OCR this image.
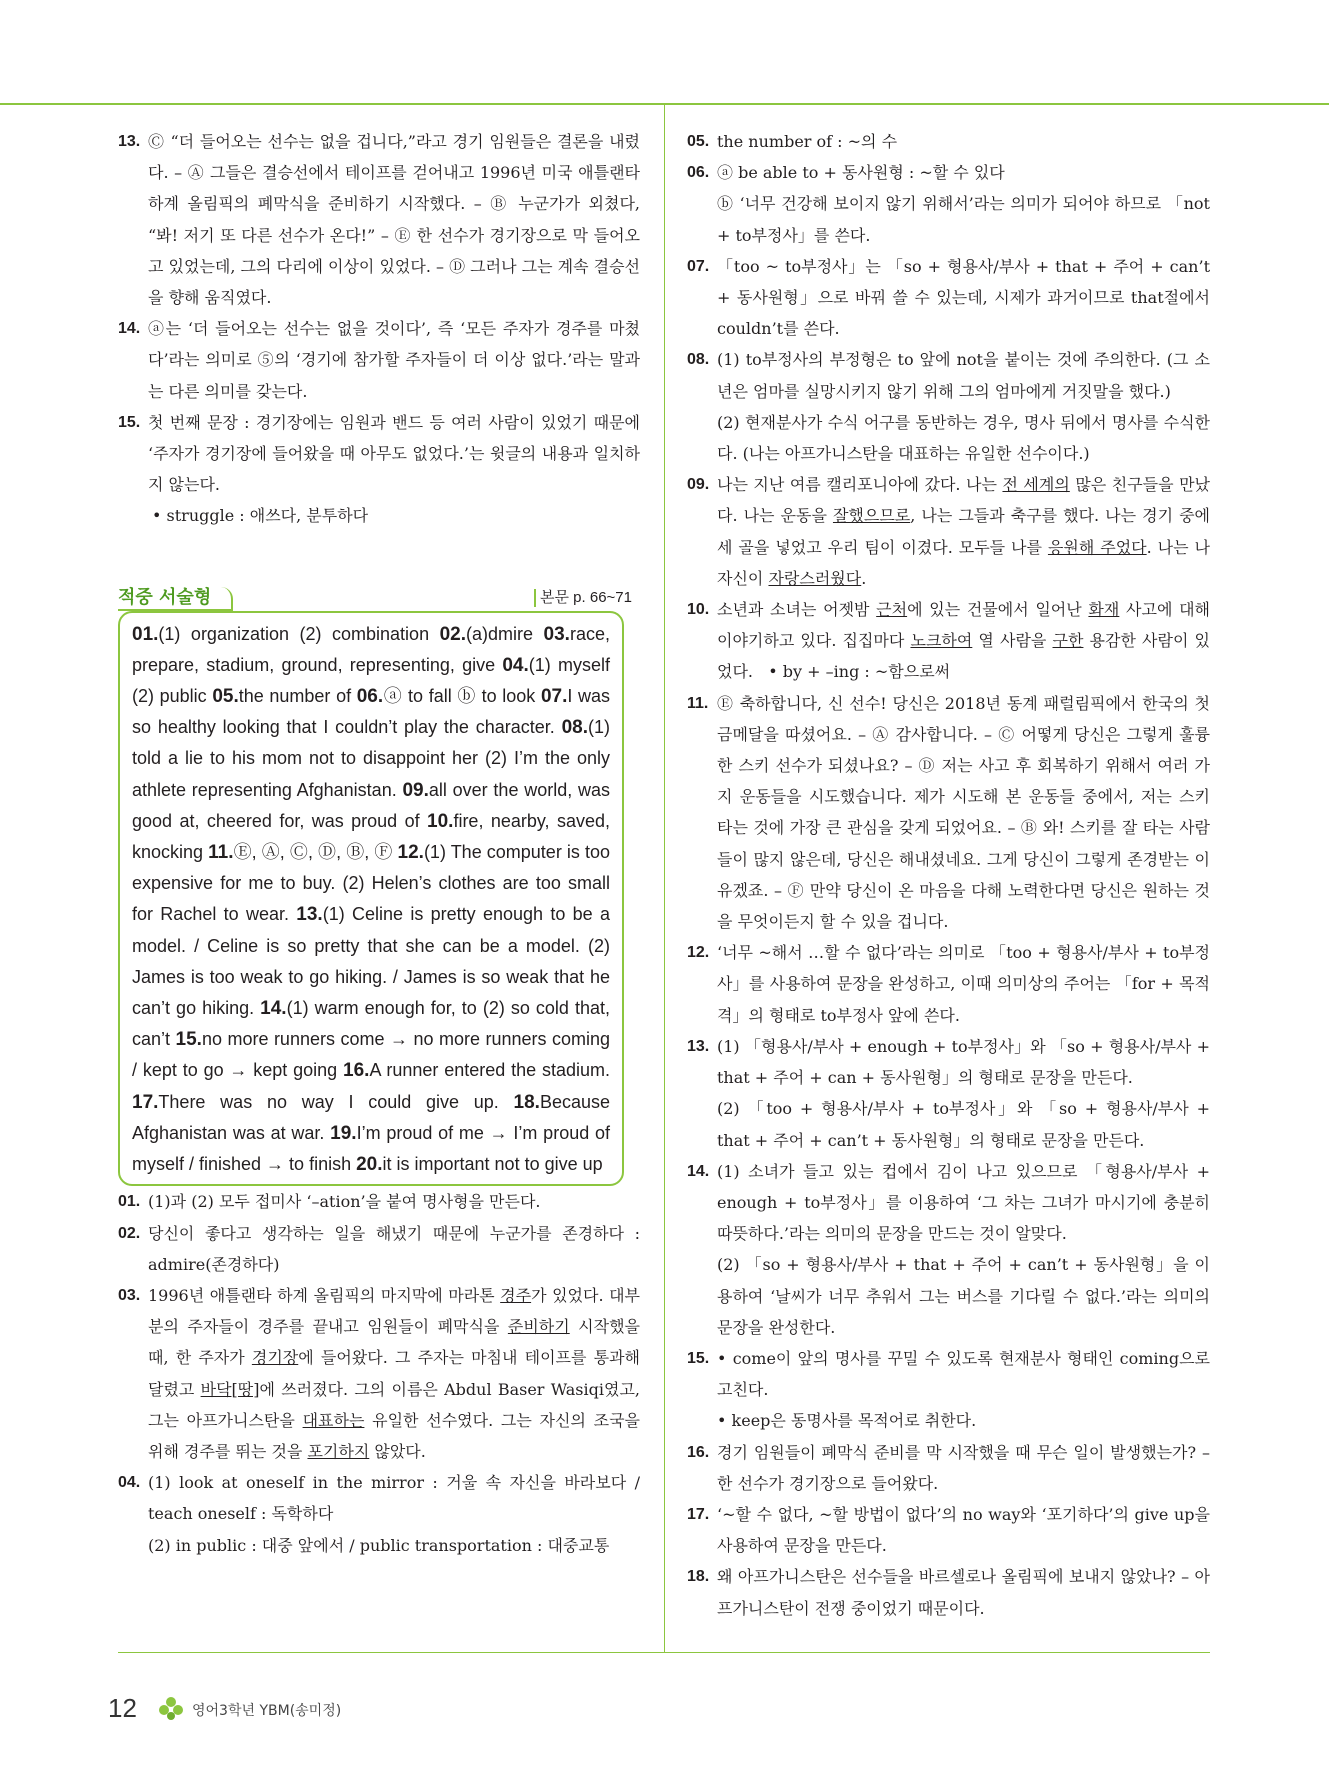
13. Ⓒ “더 들어오는 선수는 없을 겁니다,”라고 경기 임원들은 결론을 내렸다. – Ⓐ 그들은 결승선에서 테이프를 걷어내고 1996년 미국 애틀랜타 하계 올림픽의 폐막식을 준비하기 시작했다. – Ⓑ 누군가가 외쳤다, “봐! 저기 또 다른 선수가 온다!” – Ⓔ 한 선수가 경기장으로 막 들어오고 있었는데, 그의 다리에 이상이 있었다. – Ⓓ 그러나 그는 계속 결승선을 향해 움직였다.
14. ⓐ는 ‘더 들어오는 선수는 없을 것이다’, 즉 ‘모든 주자가 경주를 마쳤다’라는 의미로 ⑤의 ‘경기에 참가할 주자들이 더 이상 없다.’라는 말과는 다른 의미를 갖는다.
15. 첫 번째 문장 : 경기장에는 임원과 밴드 등 여러 사람이 있었기 때문에 ‘주자가 경기장에 들어왔을 때 아무도 없었다.’는 윗글의 내용과 일치하지 않는다.
• struggle : 애쓰다, 분투하다
적중 서술형	본문 p. 66~71
01.(1) organization (2) combination 02.(a)dmire 03.race, prepare, stadium, ground, representing, give 04.(1) myself (2) public 05.the number of 06.ⓐ to fall ⓑ to look 07.I was so healthy looking that I couldn’t play the character. 08.(1) told a lie to his mom not to disappoint her (2) I’m the only athlete representing Afghanistan. 09.all over the world, was good at, cheered for, was proud of 10.fire, nearby, saved, knocking 11.Ⓔ, Ⓐ, Ⓒ, Ⓓ, Ⓑ, Ⓕ 12.(1) The computer is too expensive for me to buy. (2) Helen’s clothes are too small for Rachel to wear. 13.(1) Celine is pretty enough to be a model. / Celine is so pretty that she can be a model. (2) James is too weak to go hiking. / James is so weak that he can’t go hiking. 14.(1) warm enough for, to (2) so cold that, can’t 15.no more runners come → no more runners coming / kept to go → kept going 16.A runner entered the stadium. 17.There was no way I could give up. 18.Because Afghanistan was at war. 19.I’m proud of me → I’m proud of myself / finished → to finish 20.it is important not to give up
01. (1)과 (2) 모두 접미사 ‘–ation’을 붙여 명사형을 만든다.
02. 당신이 좋다고 생각하는 일을 해냈기 때문에 누군가를 존경하다 : admire(존경하다)
03. 1996년 애틀랜타 하계 올림픽의 마지막에 마라톤 경주가 있었다. 대부분의 주자들이 경주를 끝내고 임원들이 폐막식을 준비하기 시작했을 때, 한 주자가 경기장에 들어왔다. 그 주자는 마침내 테이프를 통과해 달렸고 바닥[땅]에 쓰러졌다. 그의 이름은 Abdul Baser Wasiqi였고, 그는 아프가니스탄을 대표하는 유일한 선수였다. 그는 자신의 조국을 위해 경주를 뛰는 것을 포기하지 않았다.
04. (1) look at oneself in the mirror : 거울 속 자신을 바라보다 / teach oneself : 독학하다
(2) in public : 대중 앞에서 / public transportation : 대중교통
05. the number of : ~의 수
06. ⓐ be able to + 동사원형 : ~할 수 있다
ⓑ ‘너무 건강해 보이지 않기 위해서’라는 의미가 되어야 하므로 「not + to부정사」를 쓴다.
07. 「too ~ to부정사」는 「so + 형용사/부사 + that + 주어 + can’t + 동사원형」으로 바꿔 쓸 수 있는데, 시제가 과거이므로 that절에서 couldn’t를 쓴다.
08. (1) to부정사의 부정형은 to 앞에 not을 붙이는 것에 주의한다. (그 소년은 엄마를 실망시키지 않기 위해 그의 엄마에게 거짓말을 했다.)
(2) 현재분사가 수식 어구를 동반하는 경우, 명사 뒤에서 명사를 수식한다. (나는 아프가니스탄을 대표하는 유일한 선수이다.)
09. 나는 지난 여름 캘리포니아에 갔다. 나는 전 세계의 많은 친구들을 만났다. 나는 운동을 잘했으므로, 나는 그들과 축구를 했다. 나는 경기 중에 세 골을 넣었고 우리 팀이 이겼다. 모두들 나를 응원해 주었다. 나는 나 자신이 자랑스러웠다.
10. 소년과 소녀는 어젯밤 근처에 있는 건물에서 일어난 화재 사고에 대해 이야기하고 있다. 집집마다 노크하여 열 사람을 구한 용감한 사람이 있었다. • by + –ing : ~함으로써
11. Ⓔ 축하합니다, 신 선수! 당신은 2018년 동계 패럴림픽에서 한국의 첫 금메달을 따셨어요. – Ⓐ 감사합니다. – Ⓒ 어떻게 당신은 그렇게 훌륭한 스키 선수가 되셨나요? – Ⓓ 저는 사고 후 회복하기 위해서 여러 가지 운동들을 시도했습니다. 제가 시도해 본 운동들 중에서, 저는 스키 타는 것에 가장 큰 관심을 갖게 되었어요. – Ⓑ 와! 스키를 잘 타는 사람들이 많지 않은데, 당신은 해내셨네요. 그게 당신이 그렇게 존경받는 이유겠죠. – Ⓕ 만약 당신이 온 마음을 다해 노력한다면 당신은 원하는 것을 무엇이든지 할 수 있을 겁니다.
12. ‘너무 ~해서 …할 수 없다’라는 의미로 「too + 형용사/부사 + to부정사」를 사용하여 문장을 완성하고, 이때 의미상의 주어는 「for + 목적격」의 형태로 to부정사 앞에 쓴다.
13. (1) 「형용사/부사 + enough + to부정사」와 「so + 형용사/부사 + that + 주어 + can + 동사원형」의 형태로 문장을 만든다.
(2) 「too + 형용사/부사 + to부정사」와 「so + 형용사/부사 + that + 주어 + can’t + 동사원형」의 형태로 문장을 만든다.
14. (1) 소녀가 들고 있는 컵에서 김이 나고 있으므로 「형용사/부사 + enough + to부정사」를 이용하여 ‘그 차는 그녀가 마시기에 충분히 따뜻하다.’라는 의미의 문장을 만드는 것이 알맞다.
(2) 「so + 형용사/부사 + that + 주어 + can’t + 동사원형」을 이용하여 ‘날씨가 너무 추워서 그는 버스를 기다릴 수 없다.’라는 의미의 문장을 완성한다.
15. • come이 앞의 명사를 꾸밀 수 있도록 현재분사 형태인 coming으로 고친다.
• keep은 동명사를 목적어로 취한다.
16. 경기 임원들이 폐막식 준비를 막 시작했을 때 무슨 일이 발생했는가? – 한 선수가 경기장으로 들어왔다.
17. ‘~할 수 없다, ~할 방법이 없다’의 no way와 ‘포기하다’의 give up을 사용하여 문장을 만든다.
18. 왜 아프가니스탄은 선수들을 바르셀로나 올림픽에 보내지 않았나? – 아프가니스탄이 전쟁 중이었기 때문이다.
12	영어3학년 YBM(송미정)
